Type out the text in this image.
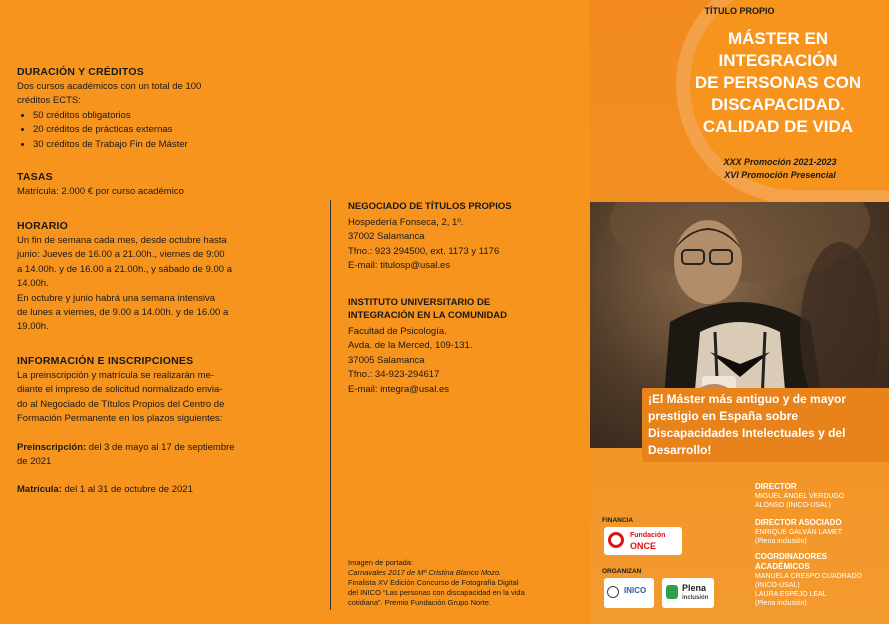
DURACIÓN Y CRÉDITOS
Dos cursos académicos con un total de 100
créditos ECTS:
• 50 créditos obligatorios
• 20 créditos de prácticas externas
• 30 créditos de Trabajo Fin de Máster
TASAS
Matrícula: 2.000 € por curso académico
HORARIO
Un fin de semana cada mes, desde octubre hasta
junio: Jueves de 16.00 a 21.00h., viernes de 9:00
a 14.00h. y de 16.00 a 21.00h., y sábado de 9.00 a
14.00h.
En octubre y junio habrá una semana intensiva
de lunes a viernes, de 9.00 a 14.00h. y de 16.00 a
19.00h.
INFORMACIÓN E INSCRIPCIONES
La preinscripción y matrícula se realizarán me-
diante el impreso de solicitud normalizado envia-
do al Negociado de Títulos Propios del Centro de
Formación Permanente en los plazos siguientes:
Preinscripción: del 3 de mayo al 17 de septiembre
de 2021
Matrícula: del 1 al 31 de octubre de 2021
NEGOCIADO DE TÍTULOS PROPIOS
Hospedería Fonseca, 2, 1º.
37002 Salamanca
Tfno.: 923 294500, ext. 1173 y 1176
E-mail: titulosp@usal.es
INSTITUTO UNIVERSITARIO DE
INTEGRACIÓN EN LA COMUNIDAD
Facultad de Psicología.
Avda. de la Merced, 109-131.
37005 Salamanca
Tfno.: 34-923-294617
E-mail: integra@usal.es
Imagen de portada:
Carnavales 2017 de Mª Cristina Blanco Mozo.
Finalista XV Edición Concurso de Fotografía Digital
del INICO “Las personas con discapacidad en la vida
cotidiana”. Premio Fundación Grupo Norte.
TÍTULO PROPIO
MÁSTER EN
INTEGRACIÓN
DE PERSONAS CON
DISCAPACIDAD.
CALIDAD DE VIDA
XXX Promoción 2021-2023
XVI Promoción Presencial
¡El Máster más antiguo y de mayor prestigio en España sobre Discapacidades Intelectuales y del Desarrollo!
DIRECTOR
MIGUEL ÁNGEL VERDUGO
ALONSO (INICO-USAL)
DIRECTOR ASOCIADO
ENRIQUE GALVÁN LAMET
(Plena inclusión)
COORDINADORES
ACADÉMICOS
MANUELA CRESPO CUADRADO
(INICO-USAL)
LAURA ESPEJO LEAL
(Plena inclusión)
FINANCIA
Fundación
ONCE
ORGANIZAN
INICO	Plena
inclusión
